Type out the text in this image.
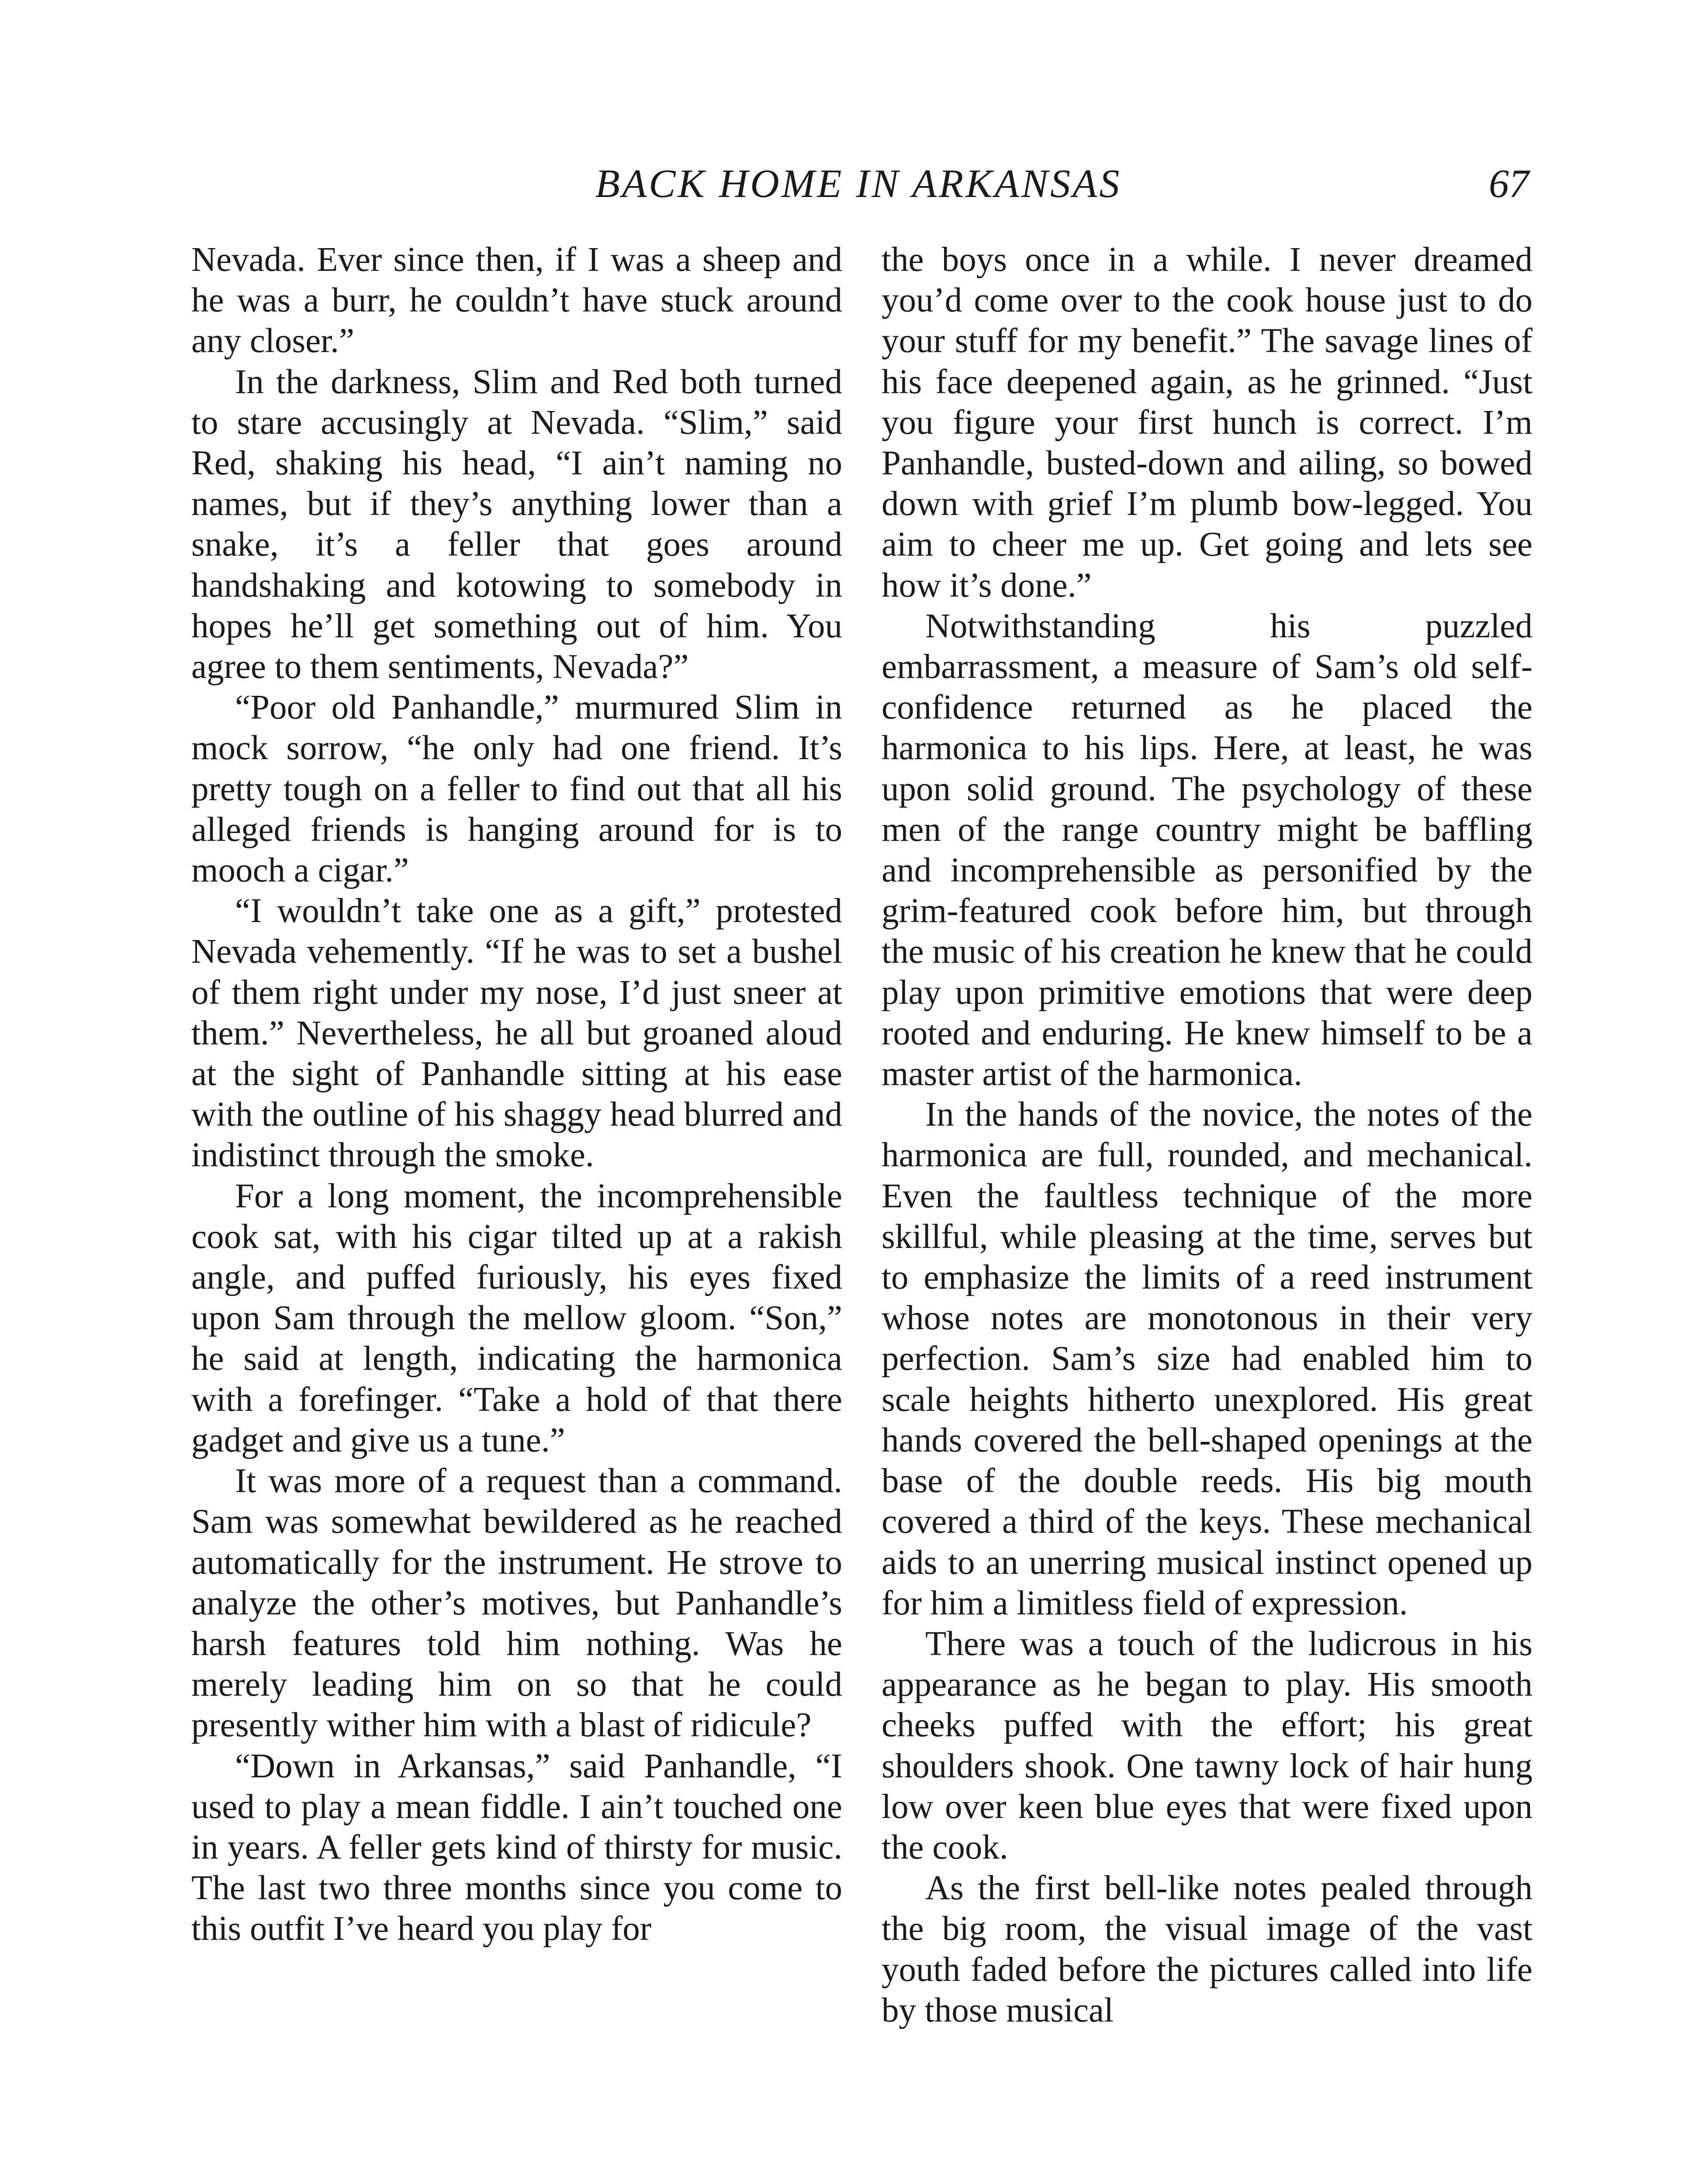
BACK HOME IN ARKANSAS	67

Nevada. Ever since then, if I was a sheep and he was a burr, he couldn’t have stuck around any closer.”

In the darkness, Slim and Red both turned to stare accusingly at Nevada. “Slim,” said Red, shaking his head, “I ain’t naming no names, but if they’s anything lower than a snake, it’s a feller that goes around handshaking and kotowing to somebody in hopes he’ll get something out of him. You agree to them sentiments, Nevada?”

“Poor old Panhandle,” murmured Slim in mock sorrow, “he only had one friend. It’s pretty tough on a feller to find out that all his alleged friends is hanging around for is to mooch a cigar.”

“I wouldn’t take one as a gift,” protested Nevada vehemently. “If he was to set a bushel of them right under my nose, I’d just sneer at them.” Nevertheless, he all but groaned aloud at the sight of Panhandle sitting at his ease with the outline of his shaggy head blurred and indistinct through the smoke.

For a long moment, the incomprehensible cook sat, with his cigar tilted up at a rakish angle, and puffed furiously, his eyes fixed upon Sam through the mellow gloom. “Son,” he said at length, indicating the harmonica with a forefinger. “Take a hold of that there gadget and give us a tune.”

It was more of a request than a command. Sam was somewhat bewildered as he reached automatically for the instrument. He strove to analyze the other’s motives, but Panhandle’s harsh features told him nothing. Was he merely leading him on so that he could presently wither him with a blast of ridicule?

“Down in Arkansas,” said Panhandle, “I used to play a mean fiddle. I ain’t touched one in years. A feller gets kind of thirsty for music. The last two three months since you come to this outfit I’ve heard you play for

the boys once in a while. I never dreamed you’d come over to the cook house just to do your stuff for my benefit.” The savage lines of his face deepened again, as he grinned. “Just you figure your first hunch is correct. I’m Panhandle, busted-down and ailing, so bowed down with grief I’m plumb bow-legged. You aim to cheer me up. Get going and lets see how it’s done.”

Notwithstanding his puzzled embarrassment, a measure of Sam’s old self-confidence returned as he placed the harmonica to his lips. Here, at least, he was upon solid ground. The psychology of these men of the range country might be baffling and incomprehensible as personified by the grim-featured cook before him, but through the music of his creation he knew that he could play upon primitive emotions that were deep rooted and enduring. He knew himself to be a master artist of the harmonica.

In the hands of the novice, the notes of the harmonica are full, rounded, and mechanical. Even the faultless technique of the more skillful, while pleasing at the time, serves but to emphasize the limits of a reed instrument whose notes are monotonous in their very perfection. Sam’s size had enabled him to scale heights hitherto unexplored. His great hands covered the bell-shaped openings at the base of the double reeds. His big mouth covered a third of the keys. These mechanical aids to an unerring musical instinct opened up for him a limitless field of expression.

There was a touch of the ludicrous in his appearance as he began to play. His smooth cheeks puffed with the effort; his great shoulders shook. One tawny lock of hair hung low over keen blue eyes that were fixed upon the cook.

As the first bell-like notes pealed through the big room, the visual image of the vast youth faded before the pictures called into life by those musical
